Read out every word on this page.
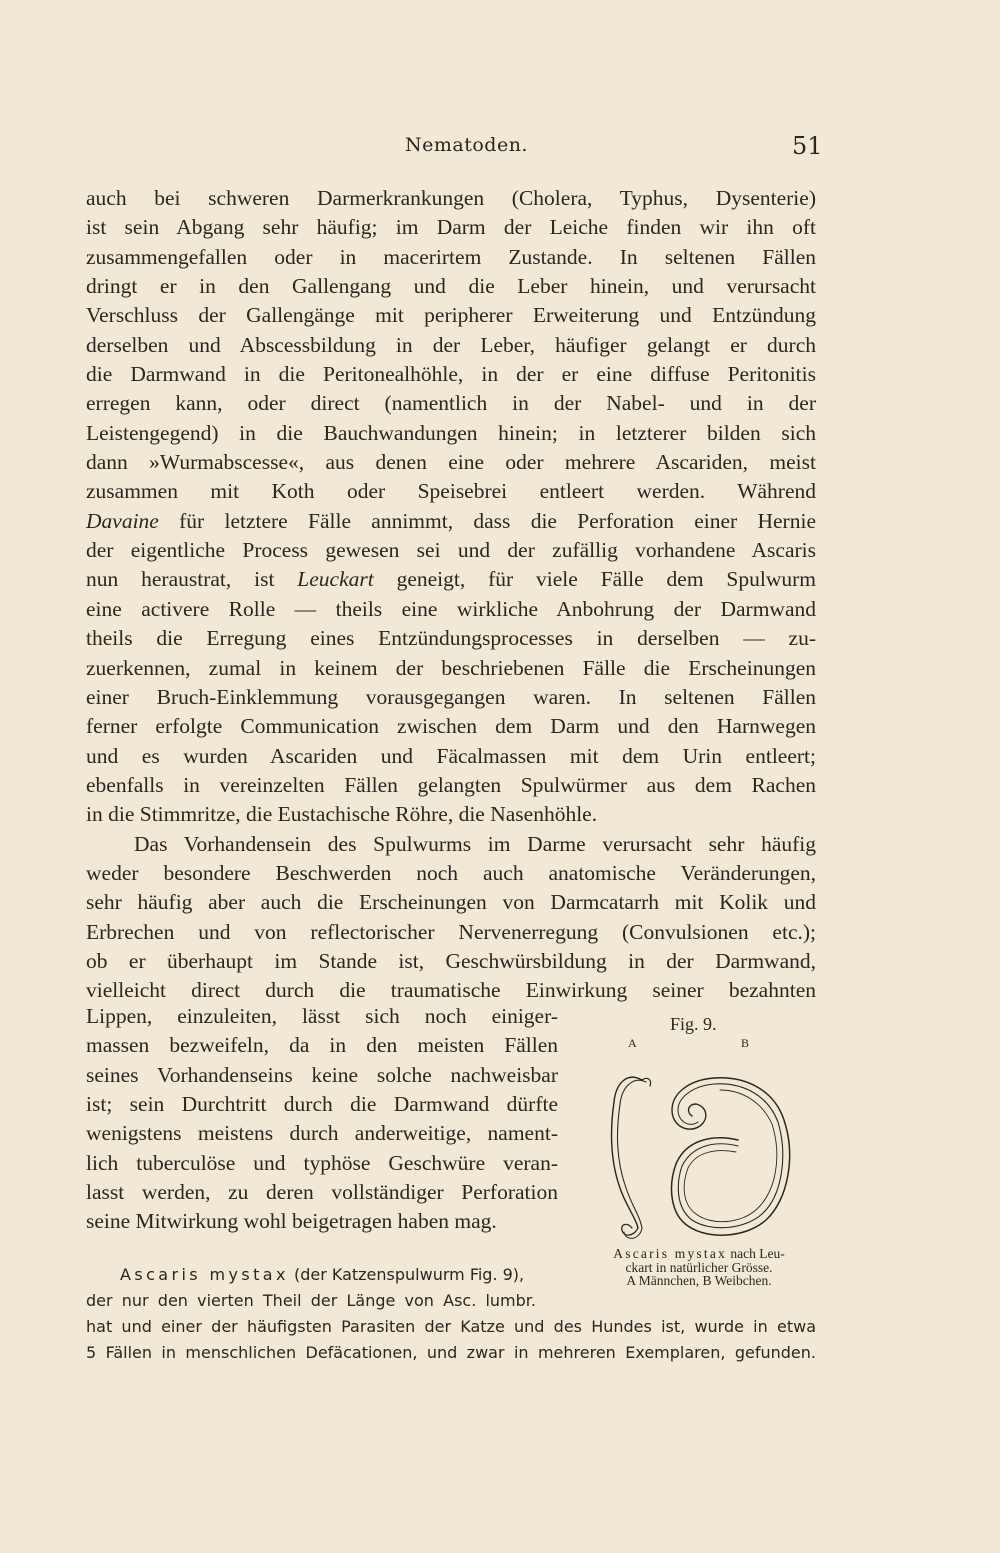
Nematoden.	51
auch bei schweren Darmerkrankungen (Cholera, Typhus, Dysenterie)
ist sein Abgang sehr häufig; im Darm der Leiche finden wir ihn oft
zusammengefallen oder in macerirtem Zustande. In seltenen Fällen
dringt er in den Gallengang und die Leber hinein, und verursacht
Verschluss der Gallengänge mit peripherer Erweiterung und Entzündung
derselben und Abscessbildung in der Leber, häufiger gelangt er durch
die Darmwand in die Peritonealhöhle, in der er eine diffuse Peritonitis
erregen kann, oder direct (namentlich in der Nabel- und in der
Leistengegend) in die Bauchwandungen hinein; in letzterer bilden sich
dann »Wurmabscesse«, aus denen eine oder mehrere Ascariden, meist
zusammen mit Koth oder Speisebrei entleert werden. Während
Davaine für letztere Fälle annimmt, dass die Perforation einer Hernie
der eigentliche Process gewesen sei und der zufällig vorhandene Ascaris
nun heraustrat, ist Leuckart geneigt, für viele Fälle dem Spulwurm
eine activere Rolle — theils eine wirkliche Anbohrung der Darmwand
theils die Erregung eines Entzündungsprocesses in derselben — zu-
zuerkennen, zumal in keinem der beschriebenen Fälle die Erscheinungen
einer Bruch-Einklemmung vorausgegangen waren. In seltenen Fällen
ferner erfolgte Communication zwischen dem Darm und den Harnwegen
und es wurden Ascariden und Fäcalmassen mit dem Urin entleert;
ebenfalls in vereinzelten Fällen gelangten Spulwürmer aus dem Rachen
in die Stimmritze, die Eustachische Röhre, die Nasenhöhle.
Das Vorhandensein des Spulwurms im Darme verursacht sehr häufig
weder besondere Beschwerden noch auch anatomische Veränderungen,
sehr häufig aber auch die Erscheinungen von Darmcatarrh mit Kolik und
Erbrechen und von reflectorischer Nervenerregung (Convulsionen etc.);
ob er überhaupt im Stande ist, Geschwürsbildung in der Darmwand,
vielleicht direct durch die traumatische Einwirkung seiner bezahnten
Lippen, einzuleiten, lässt sich noch einiger-
massen bezweifeln, da in den meisten Fällen
seines Vorhandenseins keine solche nachweisbar
ist; sein Durchtritt durch die Darmwand dürfte
wenigstens meistens durch anderweitige, nament-
lich tuberculöse und typhöse Geschwüre veran-
lasst werden, zu deren vollständiger Perforation
seine Mitwirkung wohl beigetragen haben mag.
Fig. 9.
A	B
Ascaris mystax nach Leu-
ckart in natürlicher Grösse.
A Männchen, B Weibchen.
Ascaris mystax (der Katzenspulwurm Fig. 9),
der nur den vierten Theil der Länge von Asc. lumbr.
hat und einer der häufigsten Parasiten der Katze und des Hundes ist, wurde in etwa
5 Fällen in menschlichen Defäcationen, und zwar in mehreren Exemplaren, gefunden.
